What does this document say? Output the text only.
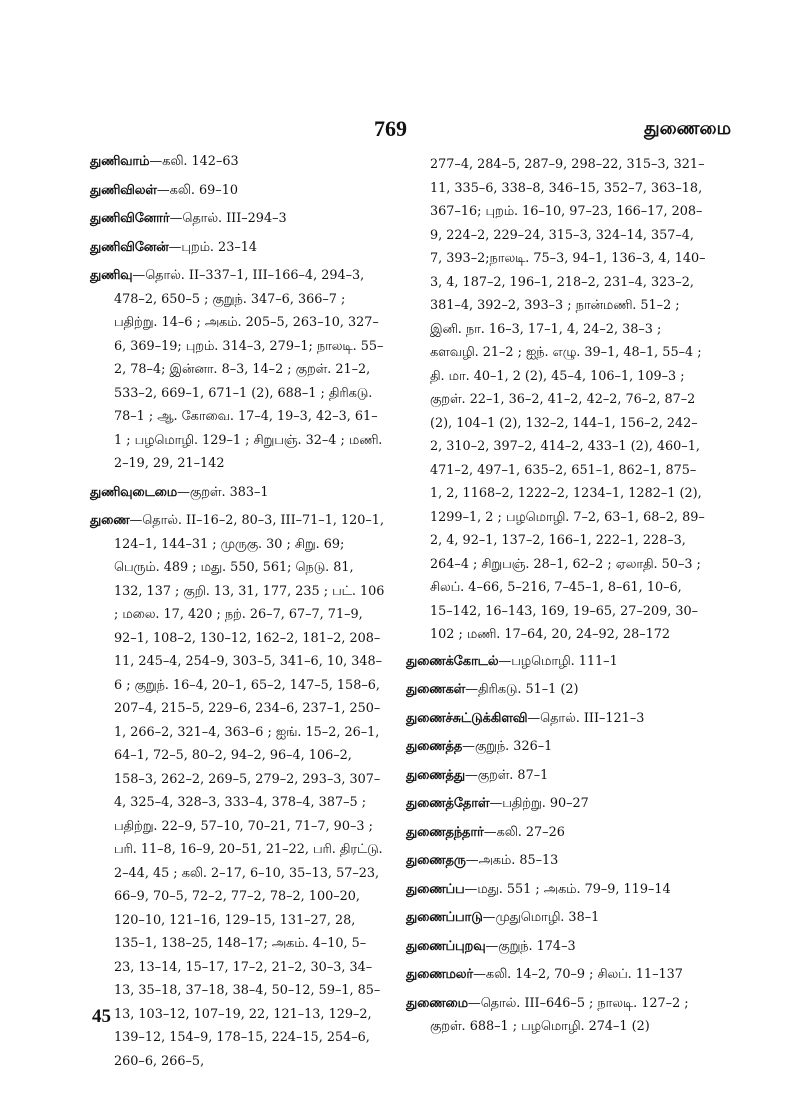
769	துணைமை
துணிவாம்—கலி. 142–63
துணிவிலள்—கலி. 69–10
துணிவினோர்—தொல். III–294–3
துணிவினேன்—புறம். 23–14
துணிவு—தொல். II–337–1, III–166–4, 294–3, 478–2, 650–5 ; குறுந். 347–6, 366–7 ; பதிற்று. 14–6 ; அகம். 205–5, 263–10, 327–6, 369–19; புறம். 314–3, 279–1; நாலடி. 55–2, 78–4; இன்னா. 8–3, 14–2 ; குறள். 21–2, 533–2, 669–1, 671–1 (2), 688–1 ; திரிகடு. 78–1 ; ஆ. கோவை. 17–4, 19–3, 42–3, 61–1 ; பழமொழி. 129–1 ; சிறுபஞ். 32–4 ; மணி. 2–19, 29, 21–142
துணிவுடைமை—குறள். 383–1
துணை—தொல். II–16–2, 80–3, III–71–1, 120–1, 124–1, 144–31 ; முருகு. 30 ; சிறு. 69; பெரும். 489 ; மது. 550, 561; நெடு. 81, 132, 137 ; குறி. 13, 31, 177, 235 ; பட். 106 ; மலை. 17, 420 ; நற். 26–7, 67–7, 71–9, 92–1, 108–2, 130–12, 162–2, 181–2, 208–11, 245–4, 254–9, 303–5, 341–6, 10, 348–6 ; குறுந். 16–4, 20–1, 65–2, 147–5, 158–6, 207–4, 215–5, 229–6, 234–6, 237–1, 250–1, 266–2, 321–4, 363–6 ; ஐங். 15–2, 26–1, 64–1, 72–5, 80–2, 94–2, 96–4, 106–2, 158–3, 262–2, 269–5, 279–2, 293–3, 307–4, 325–4, 328–3, 333–4, 378–4, 387–5 ; பதிற்று. 22–9, 57–10, 70–21, 71–7, 90–3 ; பரி. 11–8, 16–9, 20–51, 21–22, பரி. திரட்டு. 2–44, 45 ; கலி. 2–17, 6–10, 35–13, 57–23, 66–9, 70–5, 72–2, 77–2, 78–2, 100–20, 120–10, 121–16, 129–15, 131–27, 28, 135–1, 138–25, 148–17; அகம். 4–10, 5–23, 13–14, 15–17, 17–2, 21–2, 30–3, 34–13, 35–18, 37–18, 38–4, 50–12, 59–1, 85–13, 103–12, 107–19, 22, 121–13, 129–2, 139–12, 154–9, 178–15, 224–15, 254–6, 260–6, 266–5,
277–4, 284–5, 287–9, 298–22, 315–3, 321–11, 335–6, 338–8, 346–15, 352–7, 363–18, 367–16; புறம். 16–10, 97–23, 166–17, 208–9, 224–2, 229–24, 315–3, 324–14, 357–4, 7, 393–2;நாலடி. 75–3, 94–1, 136–3, 4, 140–3, 4, 187–2, 196–1, 218–2, 231–4, 323–2, 381–4, 392–2, 393–3 ; நான்மணி. 51–2 ; இனி. நா. 16–3, 17–1, 4, 24–2, 38–3 ; களவழி. 21–2 ; ஐந். எழு. 39–1, 48–1, 55–4 ; தி. மா. 40–1, 2 (2), 45–4, 106–1, 109–3 ; குறள். 22–1, 36–2, 41–2, 42–2, 76–2, 87–2 (2), 104–1 (2), 132–2, 144–1, 156–2, 242–2, 310–2, 397–2, 414–2, 433–1 (2), 460–1, 471–2, 497–1, 635–2, 651–1, 862–1, 875–1, 2, 1168–2, 1222–2, 1234–1, 1282–1 (2), 1299–1, 2 ; பழமொழி. 7–2, 63–1, 68–2, 89–2, 4, 92–1, 137–2, 166–1, 222–1, 228–3, 264–4 ; சிறுபஞ். 28–1, 62–2 ; ஏலாதி. 50–3 ; சிலப். 4–66, 5–216, 7–45–1, 8–61, 10–6, 15–142, 16–143, 169, 19–65, 27–209, 30–102 ; மணி. 17–64, 20, 24–92, 28–172
துணைக்கோடல்—பழமொழி. 111–1
துணைகள்—திரிகடு. 51–1 (2)
துணைச்சுட்டுக்கிளவி—தொல். III–121–3
துணைத்த—குறுந். 326–1
துணைத்து—குறள். 87–1
துணைத்தோள்—பதிற்று. 90–27
துணைதந்தார்—கலி. 27–26
துணைதரு—அகம். 85–13
துணைப்ப—மது. 551 ; அகம். 79–9, 119–14
துணைப்பாடு—முதுமொழி. 38–1
துணைப்புறவு—குறுந். 174–3
துணைமலர்—கலி. 14–2, 70–9 ; சிலப். 11–137
துணைமை—தொல். III–646–5 ; நாலடி. 127–2 ; குறள். 688–1 ; பழமொழி. 274–1 (2)
45
